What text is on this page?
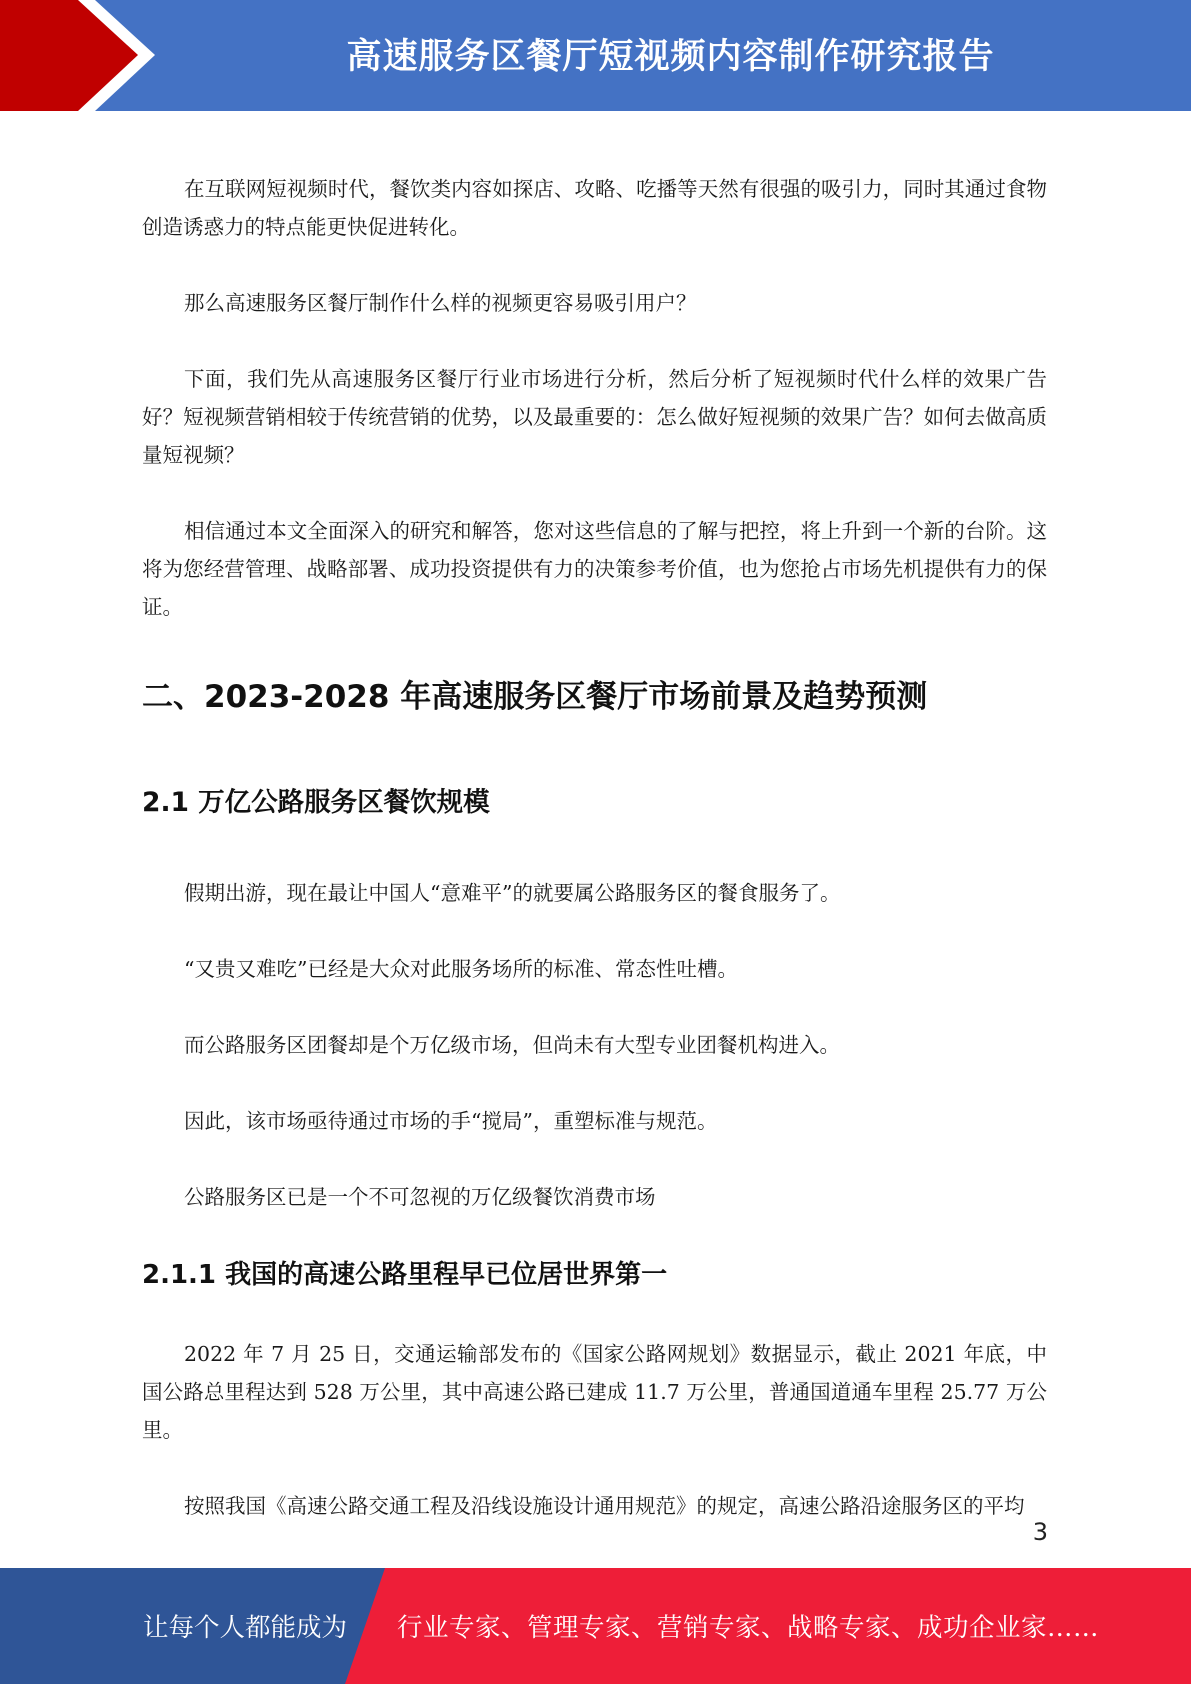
高速服务区餐厅短视频内容制作研究报告

在互联网短视频时代，餐饮类内容如探店、攻略、吃播等天然有很强的吸引力，同时其通过食物创造诱惑力的特点能更快促进转化。

那么高速服务区餐厅制作什么样的视频更容易吸引用户？

下面，我们先从高速服务区餐厅行业市场进行分析，然后分析了短视频时代什么样的效果广告好？短视频营销相较于传统营销的优势，以及最重要的：怎么做好短视频的效果广告？如何去做高质量短视频？

相信通过本文全面深入的研究和解答，您对这些信息的了解与把控，将上升到一个新的台阶。这将为您经营管理、战略部署、成功投资提供有力的决策参考价值，也为您抢占市场先机提供有力的保证。

二、2023-2028 年高速服务区餐厅市场前景及趋势预测
2.1 万亿公路服务区餐饮规模

假期出游，现在最让中国人“意难平”的就要属公路服务区的餐食服务了。

“又贵又难吃”已经是大众对此服务场所的标准、常态性吐槽。

而公路服务区团餐却是个万亿级市场，但尚未有大型专业团餐机构进入。

因此，该市场亟待通过市场的手“搅局”，重塑标准与规范。

公路服务区已是一个不可忽视的万亿级餐饮消费市场

2.1.1 我国的高速公路里程早已位居世界第一

2022 年 7 月 25 日，交通运输部发布的《国家公路网规划》数据显示，截止 2021 年底，中国公路总里程达到 528 万公里，其中高速公路已建成 11.7 万公里，普通国道通车里程 25.77 万公里。

按照我国《高速公路交通工程及沿线设施设计通用规范》的规定，高速公路沿途服务区的平均

3
让每个人都能成为 行业专家、管理专家、营销专家、战略专家、成功企业家……
